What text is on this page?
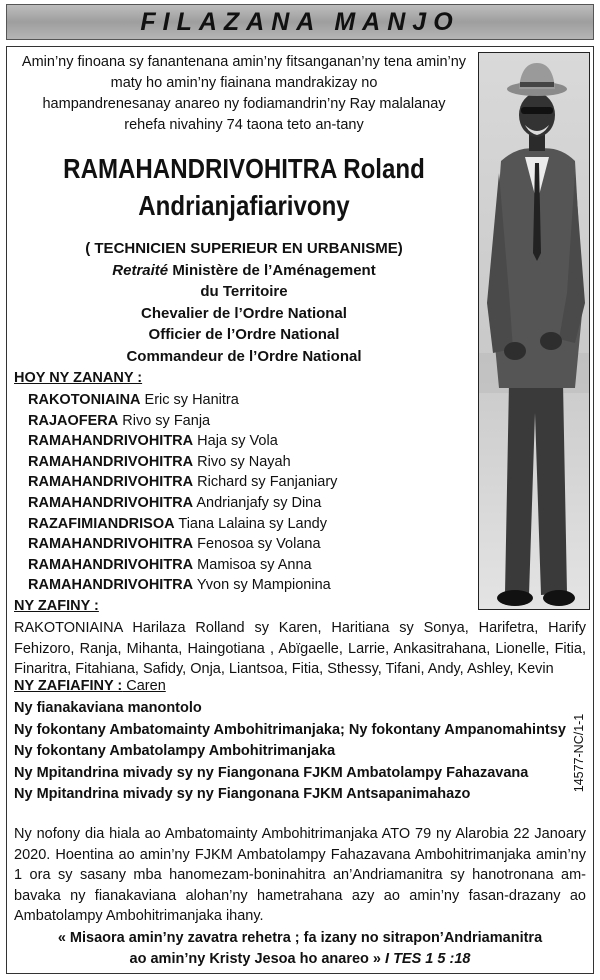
FILAZANA MANJO
Amin’ny finoana sy fanantenana amin’ny fitsanganan’ny tena amin’ny
maty ho amin’ny fiainana mandrakizay no
hampandrenesanay anareo ny fodiamandrin’ny Ray malalanay
rehefa nivahiny 74 taona teto an-tany
RAMAHANDRIVOHITRA Roland
Andrianjafiarivony
( TECHNICIEN SUPERIEUR EN URBANISME)
Retraité Ministère de l’Aménagement
du Territoire
Chevalier de l’Ordre National
Officier de l’Ordre National
Commandeur de l’Ordre National
HOY NY ZANANY :
RAKOTONIAINA Eric sy Hanitra
RAJAOFERA Rivo sy Fanja
RAMAHANDRIVOHITRA Haja sy Vola
RAMAHANDRIVOHITRA Rivo sy Nayah
RAMAHANDRIVOHITRA Richard sy Fanjaniary
RAMAHANDRIVOHITRA Andrianjafy sy Dina
RAZAFIMIANDRISOA Tiana Lalaina sy Landy
RAMAHANDRIVOHITRA Fenosoa sy Volana
RAMAHANDRIVOHITRA Mamisoa sy Anna
RAMAHANDRIVOHITRA Yvon sy Mampionina
NY ZAFINY :
RAKOTONIAINA Harilaza Rolland sy Karen, Haritiana sy Sonya, Harifetra, Harify Fehizoro, Ranja, Mihanta, Haingotiana , Abïgaelle, Larrie, Ankasitrahana, Lionelle, Fitia, Finaritra, Fitahiana, Safidy, Onja, Liantsoa, Fitia, Sthessy, Tifani, Andy, Ashley, Kevin
NY ZAFIAFINY : Caren
Ny fianakaviana manontolo
Ny fokontany Ambatomainty Ambohitrimanjaka; Ny fokontany Ampanomahintsy
Ny fokontany Ambatolampy Ambohitrimanjaka
Ny Mpitandrina mivady sy ny Fiangonana FJKM Ambatolampy Fahazavana
Ny Mpitandrina mivady sy ny Fiangonana FJKM Antsapanimahazo
14577-NC/1-1
Ny nofony dia hiala ao Ambatomainty Ambohitrimanjaka ATO 79 ny Alarobia 22 Janoary 2020. Hoentina ao amin’ny FJKM Ambatolampy Fahazavana Ambohitrimanjaka amin’ny 1 ora sy sasany mba hanomezam-boninahitra an’Andriamanitra sy hanotronana am-bavaka ny fianakaviana alohan’ny hametrahana azy ao amin’ny fasan-drazany ao Ambatolampy Ambohitrimanjaka ihany.
« Misaora amin’ny zavatra rehetra ; fa izany no sitrapon’Andriamanitra
ao amin’ny Kristy Jesoa ho anareo » I TES 1 5 :18
